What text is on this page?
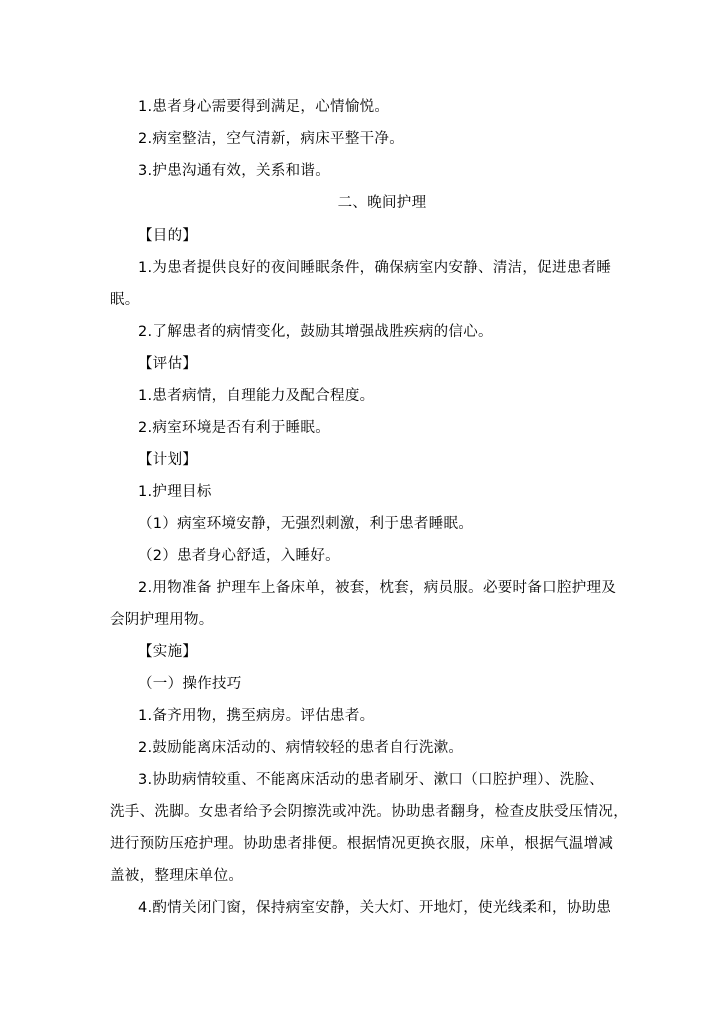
1.患者身心需要得到满足，心情愉悦。
2.病室整洁，空气清新，病床平整干净。
3.护患沟通有效，关系和谐。
二、晚间护理
【目的】
1.为患者提供良好的夜间睡眠条件，确保病室内安静、清洁，促进患者睡
眠。
2.了解患者的病情变化，鼓励其增强战胜疾病的信心。
【评估】
1.患者病情，自理能力及配合程度。
2.病室环境是否有利于睡眠。
【计划】
1.护理目标
（1）病室环境安静，无强烈刺激，利于患者睡眠。
（2）患者身心舒适，入睡好。
2.用物准备 护理车上备床单，被套，枕套，病员服。必要时备口腔护理及
会阴护理用物。
【实施】
（一）操作技巧
1.备齐用物，携至病房。评估患者。
2.鼓励能离床活动的、病情较轻的患者自行洗漱。
3.协助病情较重、不能离床活动的患者刷牙、漱口（口腔护理）、洗脸、
洗手、洗脚。女患者给予会阴擦洗或冲洗。协助患者翻身，检查皮肤受压情况，
进行预防压疮护理。协助患者排便。根据情况更换衣服，床单，根据气温增减
盖被，整理床单位。
4.酌情关闭门窗，保持病室安静，关大灯、开地灯，使光线柔和，协助患
